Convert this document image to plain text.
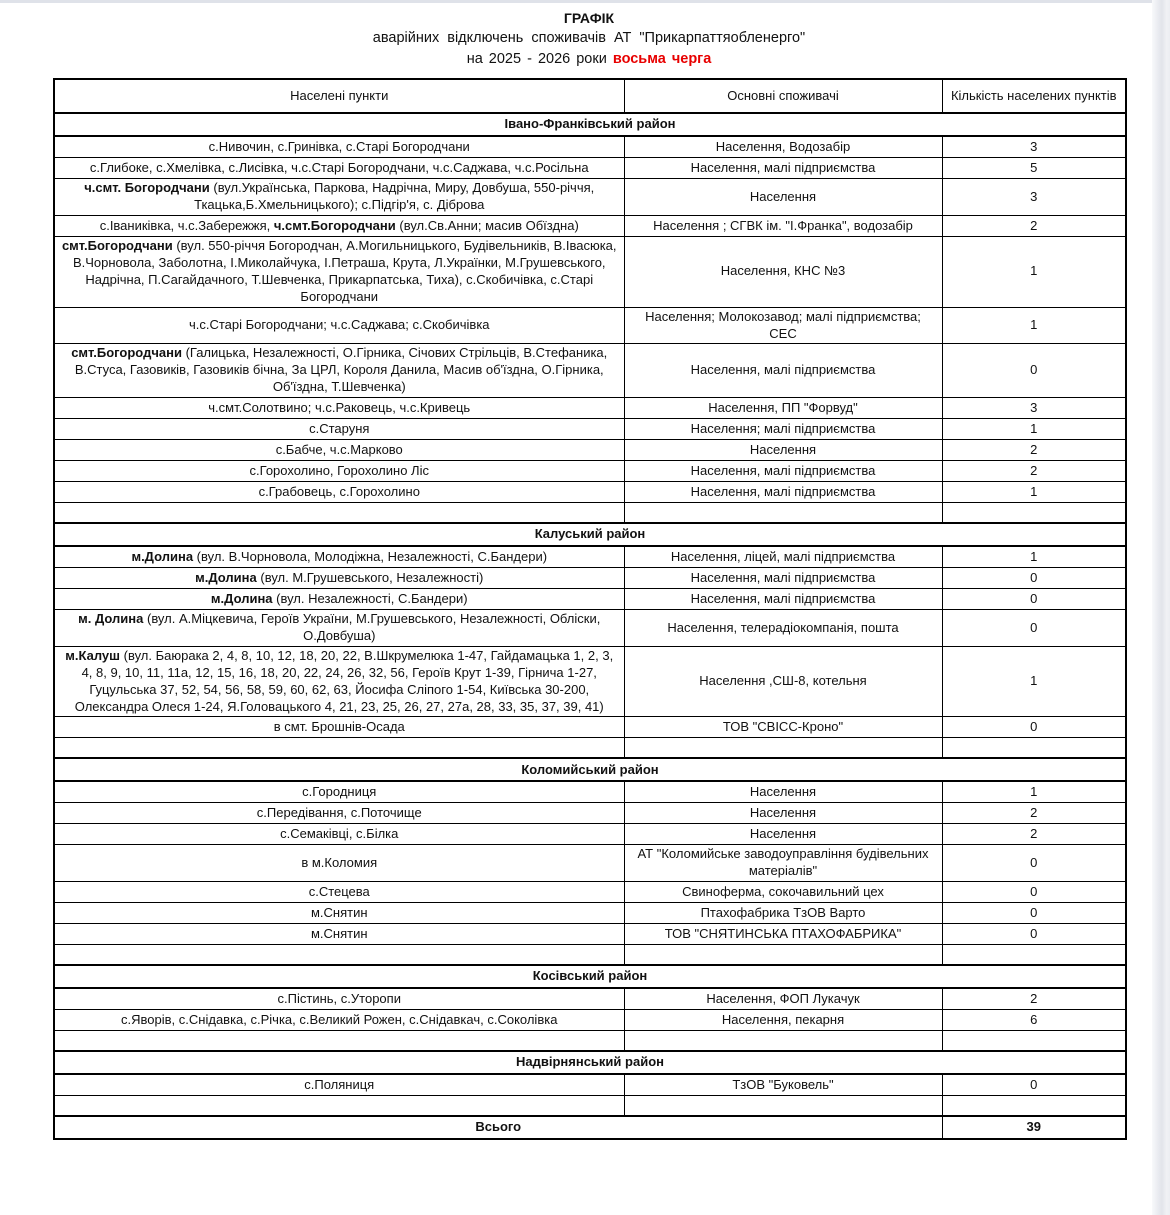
ГРАФІК
аварійних відключень споживачів АТ "Прикарпаттяобленерго"
на 2025 - 2026 роки восьма черга
Населені пункти	Основні споживачі	Кількість населених пунктів
Івано-Франківський район		
с.Нивочин, с.Гринівка, с.Старі Богородчани	Населення, Водозабір	3
с.Глибоке, с.Хмелівка, с.Лисівка, ч.с.Старі Богородчани, ч.с.Саджава, ч.с.Росільна	Населення, малі підприємства	5
ч.смт. Богородчани (вул.Українська, Паркова, Надрічна, Миру, Довбуша, 550-річчя, Ткацька,Б.Хмельницького); с.Підгір'я, с. Діброва	Населення	3
с.Іваниківка, ч.с.Забережжя, ч.смт.Богородчани (вул.Св.Анни; масив Обїздна)	Населення ; СГВК ім. "І.Франка", водозабір	2
смт.Богородчани (вул. 550-річчя Богородчан, А.Могильницького, Будівельників, В.Івасюка, В.Чорновола, Заболотна, І.Миколайчука, І.Петраша, Крута, Л.Українки, М.Грушевського, Надрічна, П.Сагайдачного, Т.Шевченка, Прикарпатська, Тиха), с.Скобичівка, с.Старі Богородчани	Населення, КНС №3	1
ч.с.Старі Богородчани; ч.с.Саджава; с.Скобичівка	Населення; Молокозавод; малі підприємства; СЕС	1
смт.Богородчани (Галицька, Незалежності, О.Гірника, Січових Стрільців, В.Стефаника, В.Стуса, Газовиків, Газовиків бічна, За ЦРЛ, Короля Данила, Масив об'їздна, О.Гірника, Об'їздна, Т.Шевченка)	Населення, малі підприємства	0
ч.смт.Солотвино; ч.с.Раковець, ч.с.Кривець	Населення, ПП "Форвуд"	3
с.Старуня	Населення; малі підприємства	1
с.Бабче, ч.с.Марково	Населення	2
с.Горохолино, Горохолино Ліс	Населення, малі підприємства	2
с.Грабовець, с.Горохолино	Населення, малі підприємства	1

Калуський район		
м.Долина (вул. В.Чорновола, Молодіжна, Незалежності, С.Бандери)	Населення, ліцей, малі підприємства	1
м.Долина (вул. М.Грушевського, Незалежності)	Населення, малі підприємства	0
м.Долина (вул. Незалежності, С.Бандери)	Населення, малі підприємства	0
м. Долина (вул. А.Міцкевича, Героїв України, М.Грушевського, Незалежності, Обліски, О.Довбуша)	Населення, телерадіокомпанія, пошта	0
м.Калуш (вул. Баюрака 2, 4, 8, 10, 12, 18, 20, 22, В.Шкрумелюка 1-47, Гайдамацька 1, 2, 3, 4, 8, 9, 10, 11, 11а, 12, 15, 16, 18, 20, 22, 24, 26, 32, 56, Героїв Крут 1-39, Гірнича 1-27, Гуцульська 37, 52, 54, 56, 58, 59, 60, 62, 63, Йосифа Сліпого 1-54, Київська 30-200, Олександра Олеся 1-24, Я.Головацького 4, 21, 23, 25, 26, 27, 27а, 28, 33, 35, 37, 39, 41)	Населення ,СШ-8, котельня	1
в смт. Брошнів-Осада	ТОВ "СВІСС-Кроно"	0

Коломийський район		
с.Городниця	Населення	1
с.Передівання, с.Поточище	Населення	2
с.Семаківці, с.Білка	Населення	2
в м.Коломия	АТ "Коломийське заводоуправління будівельних матеріалів"	0
с.Стецева	Свиноферма, сокочавильний цех	0
м.Снятин	Птахофабрика ТзОВ Варто	0
м.Снятин	ТОВ "СНЯТИНСЬКА ПТАХОФАБРИКА"	0

Косівський район		
с.Пістинь, с.Уторопи	Населення, ФОП Лукачук	2
с.Яворів, с.Снідавка, с.Річка, с.Великий Рожен, с.Снідавкач, с.Соколівка	Населення, пекарня	6

Надвірнянський район		
с.Поляниця	ТзОВ "Буковель"	0

Всього		39
